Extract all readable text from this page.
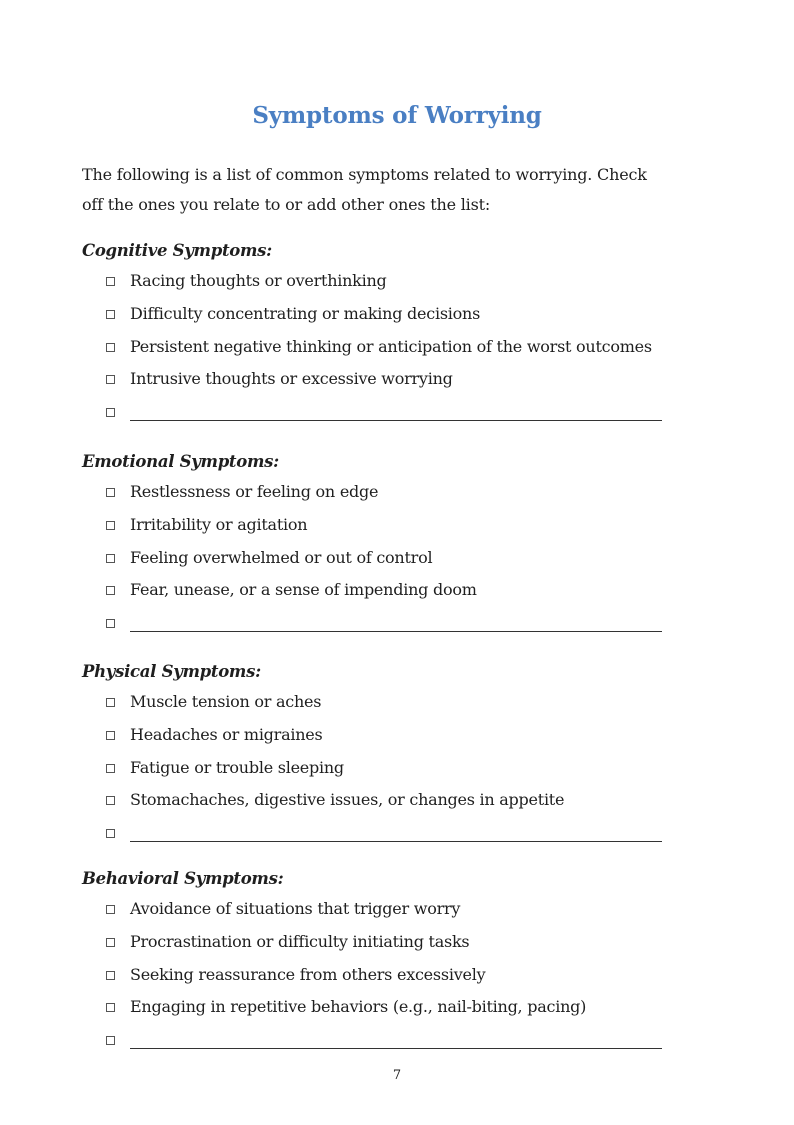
Symptoms of Worrying
The following is a list of common symptoms related to worrying. Check
off the ones you relate to or add other ones the list:
Cognitive Symptoms:
Racing thoughts or overthinking
Difficulty concentrating or making decisions
Persistent negative thinking or anticipation of the worst outcomes
Intrusive thoughts or excessive worrying
Emotional Symptoms:
Restlessness or feeling on edge
Irritability or agitation
Feeling overwhelmed or out of control
Fear, unease, or a sense of impending doom
Physical Symptoms:
Muscle tension or aches
Headaches or migraines
Fatigue or trouble sleeping
Stomachaches, digestive issues, or changes in appetite
Behavioral Symptoms:
Avoidance of situations that trigger worry
Procrastination or difficulty initiating tasks
Seeking reassurance from others excessively
Engaging in repetitive behaviors (e.g., nail-biting, pacing)
7
